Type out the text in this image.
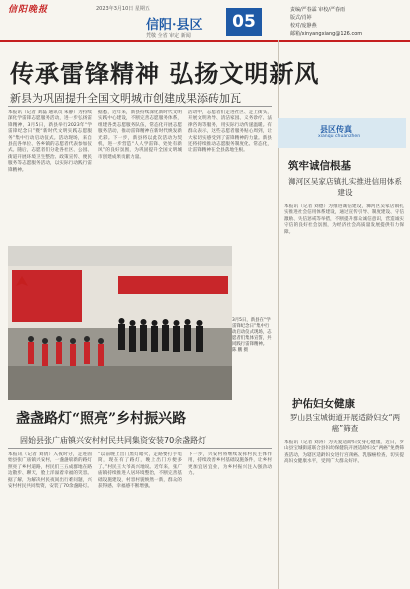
信阳晚报	2023年3月10日 星期五
信阳·县区
凭敬 全省 审定 新闻
05
责编/严春霖 审校/严春雨
版式/肖婷
校对/庞静燕
邮箱/xinyangxiang@126.com
传承雷锋精神 弘扬文明新风
新县为巩固提升全国文明城市创建成果添砖加瓦
本报讯（记者 刘磊 通讯员 朱静）为持续深化学雷锋志愿服务活动，进一步弘扬雷锋精神，3月5日，新县举行2023年“学雷锋纪念日”暨“新时代文明实践志愿服务”集中行动启动仪式。活动现场，来自县直各单位、各乡镇的志愿者代表参加仪式。随后，志愿者们分赴各社区、公园、街道开展环境卫生整治、政策宣传、便民服务等志愿服务活动，以实际行动践行雷锋精神。
据悉，近年来，新县持续深化新时代文明实践中心建设，不断完善志愿服务体系，组建各类志愿服务队伍，常态化开展志愿服务活动，推动雷锋精神在新时代焕发新光彩。下一步，新县将以此次活动为契机，进一步营造“人人学雷锋、处处有新风”的良好氛围，为巩固提升全国文明城市创建成果贡献力量。
活动中，志愿者们走进社区、走上街头，开展文明劝导、清洁家园、义务诊疗、法律咨询等服务，用实际行动传递温暖。有群众表示，这些志愿者服务贴心周到，让大家切实感受到了雷锋精神的力量。新县还将持续推动志愿服务制度化、常态化，让雷锋精神在全县落地生根。
3月5日，新县在“学雷锋纪念日”集中行动启动仪式现场，志愿者们集体宣誓，共同践行雷锋精神。 陈 鹏 摄
盏盏路灯“照亮”乡村振兴路
固始县张广庙镇兴安村村民共同集资安装70余盏路灯
本报讯（记者 刘倩）入夜时分，走进固始县张广庙镇兴安村，一盏盏崭新的路灯照亮了乡村道路，村民们三五成群地在路边散步、聊天，脸上洋溢着幸福的笑容。据了解，为解决村民夜间出行难问题，兴安村村民共同集资，安装了70余盏路灯。
“以前晚上出门黑灯瞎火，走路要打手电筒，现在有了路灯，晚上出门方便多了。”村民王大爷高兴地说。近年来，张广庙镇持续推进人居环境整治，不断完善基础设施建设，村容村貌焕然一新，群众的获得感、幸福感不断增强。
下一步，兴安村将继续发挥村民主体作用，持续改善乡村基础设施条件，让乡村更加宜居宜业，为乡村振兴注入强劲动力。
县区传真
xianqu chuanzhen
筑牢诚信根基
浉河区吴家店镇扎实推进信用体系建设
本报讯（记者 刘德）为推进诚信建设，浉河区吴家店镇扎实推进社会信用体系建设，通过宣传引导、制度建设、守信激励、失信惩戒等举措，不断提升群众诚信意识，营造诚实守信的良好社会氛围，为经济社会高质量发展提供有力保障。
护佑妇女健康
罗山县宝城街道开展适龄妇女“两癌”筛查
本报讯（记者 刘涛）为关爱适龄妇女身心健康，近日，罗山县宝城街道联合县妇幼保健院开展适龄妇女“两癌”免费筛查活动，为辖区适龄妇女进行宫颈癌、乳腺癌检查，切实提高妇女健康水平，受到广大群众好评。
